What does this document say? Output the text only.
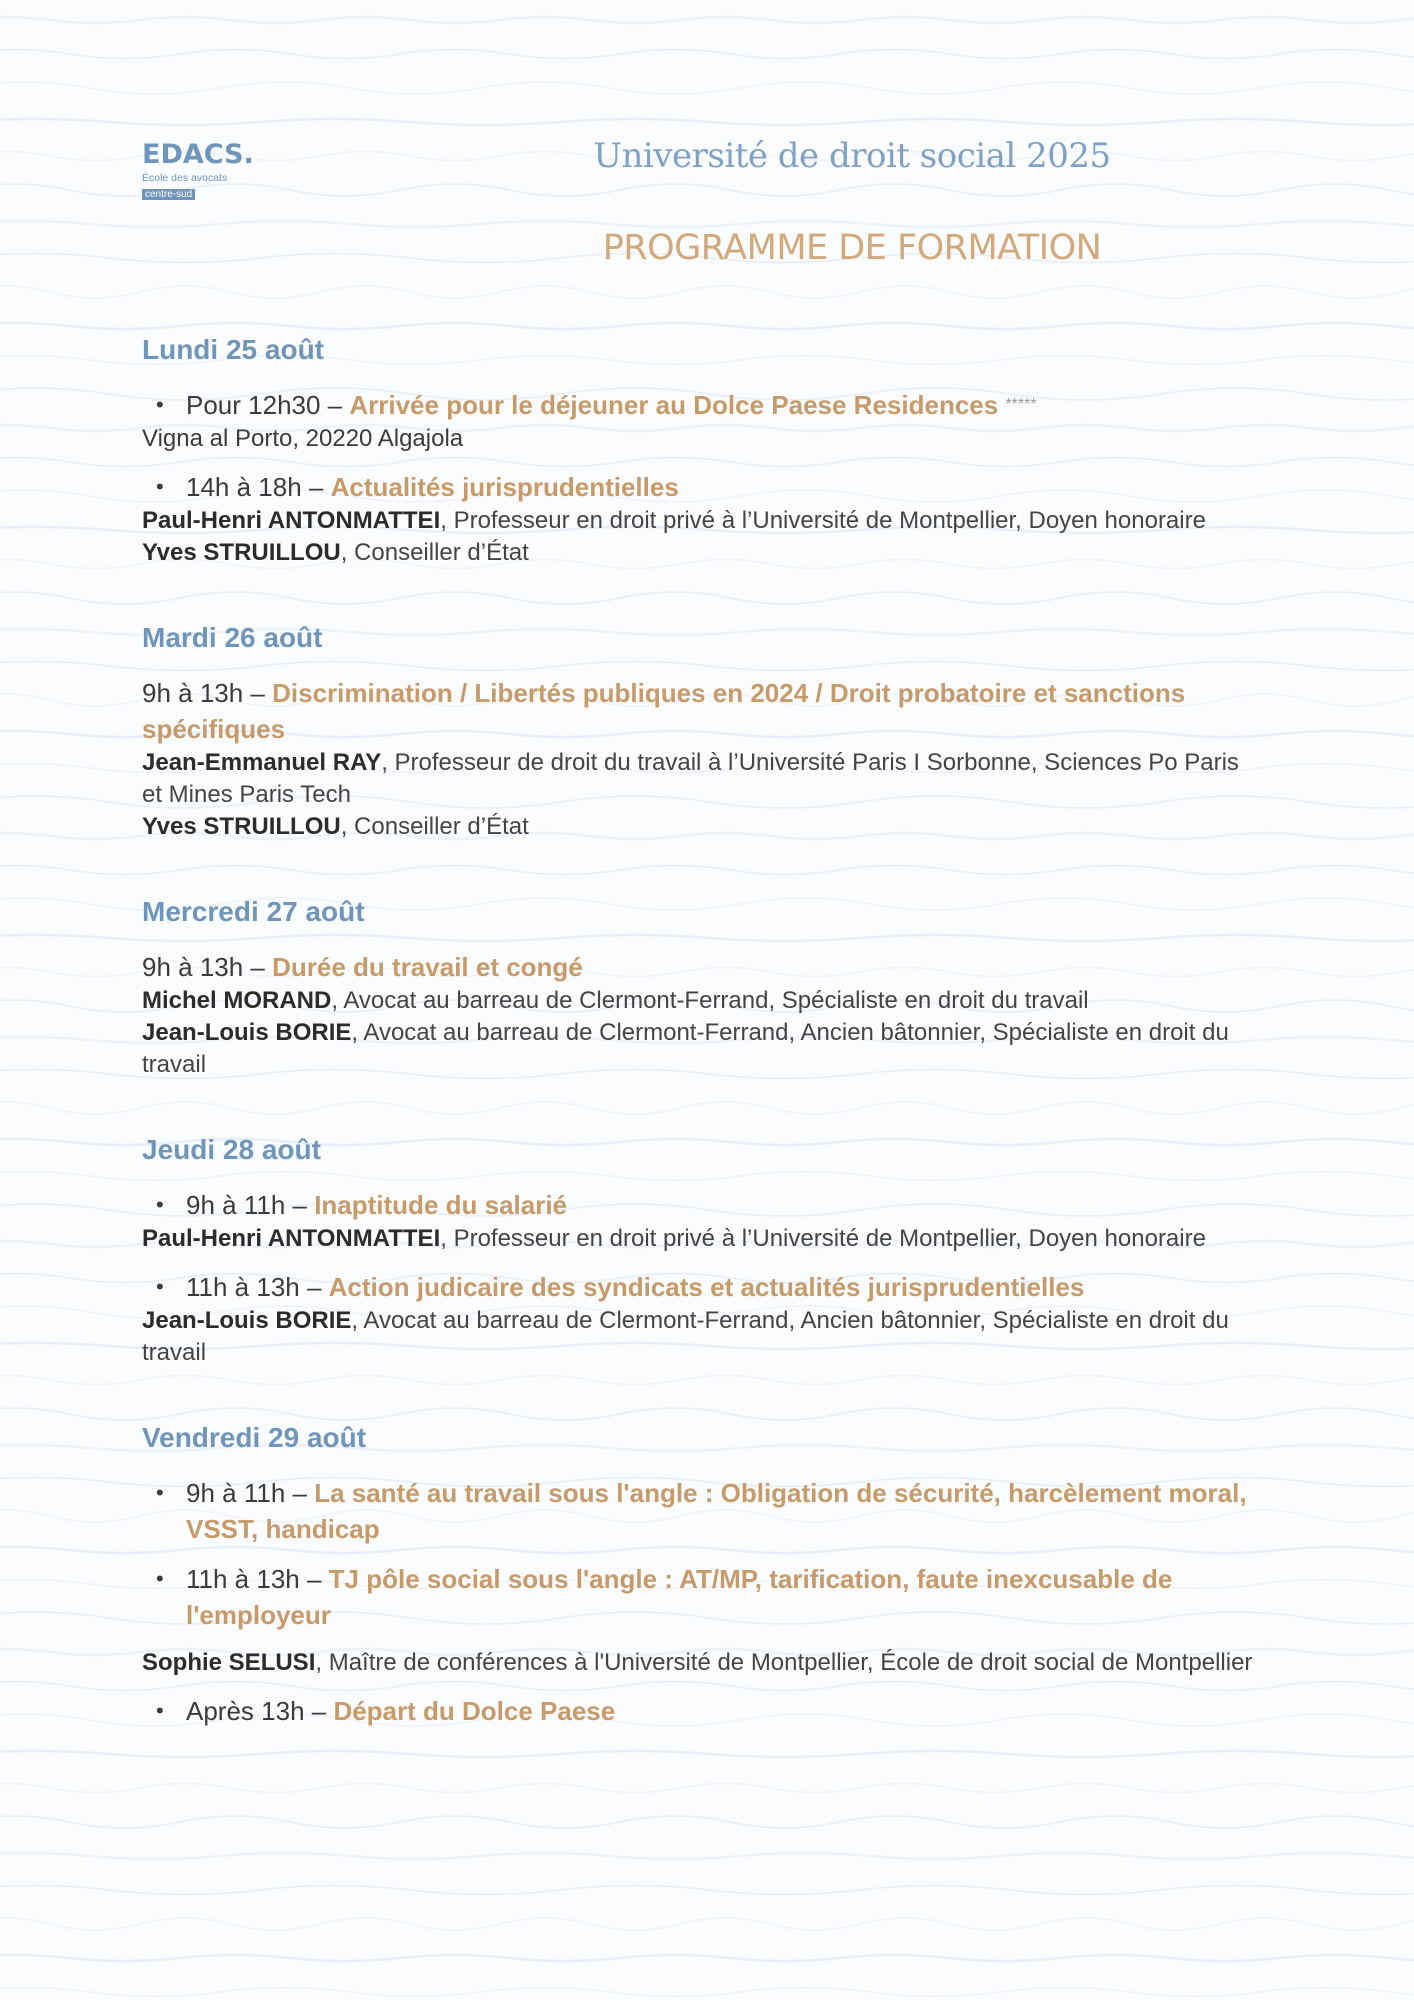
EDACS.
École des avocats
centre-sud
Université de droit social 2025
PROGRAMME DE FORMATION
Lundi 25 août
• Pour 12h30 – Arrivée pour le déjeuner au Dolce Paese Residences *****
Vigna al Porto, 20220 Algajola
• 14h à 18h – Actualités jurisprudentielles
Paul-Henri ANTONMATTEI, Professeur en droit privé à l’Université de Montpellier, Doyen honoraire
Yves STRUILLOU, Conseiller d’État
Mardi 26 août
9h à 13h – Discrimination / Libertés publiques en 2024 / Droit probatoire et sanctions spécifiques
Jean-Emmanuel RAY, Professeur de droit du travail à l’Université Paris I Sorbonne, Sciences Po Paris et Mines Paris Tech
Yves STRUILLOU, Conseiller d’État
Mercredi 27 août
9h à 13h – Durée du travail et congé
Michel MORAND, Avocat au barreau de Clermont-Ferrand, Spécialiste en droit du travail
Jean-Louis BORIE, Avocat au barreau de Clermont-Ferrand, Ancien bâtonnier, Spécialiste en droit du travail
Jeudi 28 août
• 9h à 11h – Inaptitude du salarié
Paul-Henri ANTONMATTEI, Professeur en droit privé à l’Université de Montpellier, Doyen honoraire
• 11h à 13h – Action judicaire des syndicats et actualités jurisprudentielles
Jean-Louis BORIE, Avocat au barreau de Clermont-Ferrand, Ancien bâtonnier, Spécialiste en droit du travail
Vendredi 29 août
• 9h à 11h – La santé au travail sous l'angle : Obligation de sécurité, harcèlement moral, VSST, handicap
• 11h à 13h – TJ pôle social sous l'angle : AT/MP, tarification, faute inexcusable de l'employeur
Sophie SELUSI, Maître de conférences à l'Université de Montpellier, École de droit social de Montpellier
• Après 13h – Départ du Dolce Paese
